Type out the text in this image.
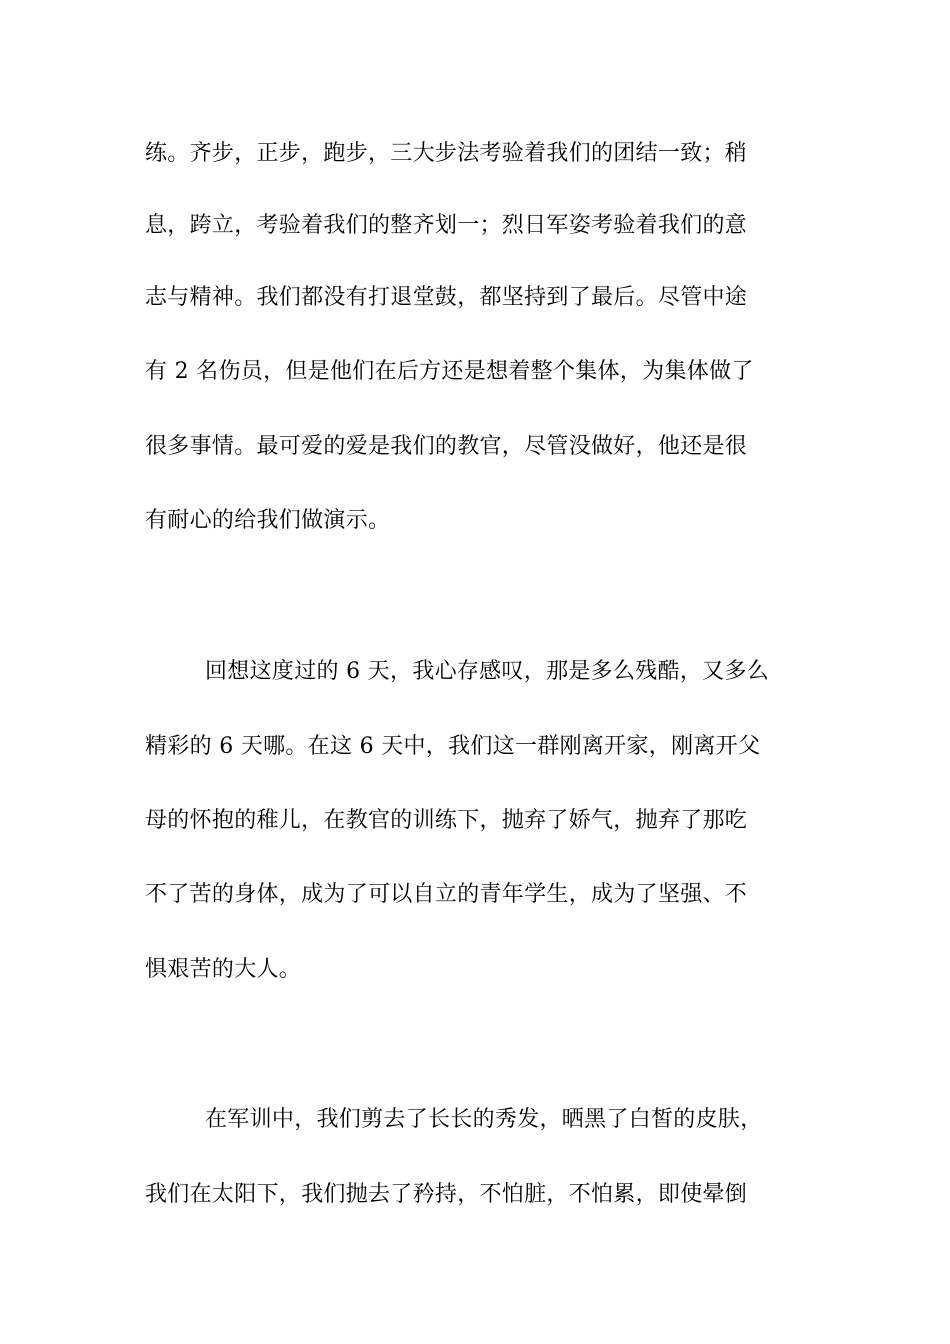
练。齐步，正步，跑步，三大步法考验着我们的团结一致；稍
息，跨立，考验着我们的整齐划一；烈日军姿考验着我们的意
志与精神。我们都没有打退堂鼓，都坚持到了最后。尽管中途
有 2 名伤员，但是他们在后方还是想着整个集体，为集体做了
很多事情。最可爱的爱是我们的教官，尽管没做好，他还是很
有耐心的给我们做演示。
回想这度过的 6 天，我心存感叹，那是多么残酷，又多么
精彩的 6 天哪。在这 6 天中，我们这一群刚离开家，刚离开父
母的怀抱的稚儿，在教官的训练下，抛弃了娇气，抛弃了那吃
不了苦的身体，成为了可以自立的青年学生，成为了坚强、不
惧艰苦的大人。
在军训中，我们剪去了长长的秀发，晒黑了白皙的皮肤，
我们在太阳下，我们抛去了矜持，不怕脏，不怕累，即使晕倒
